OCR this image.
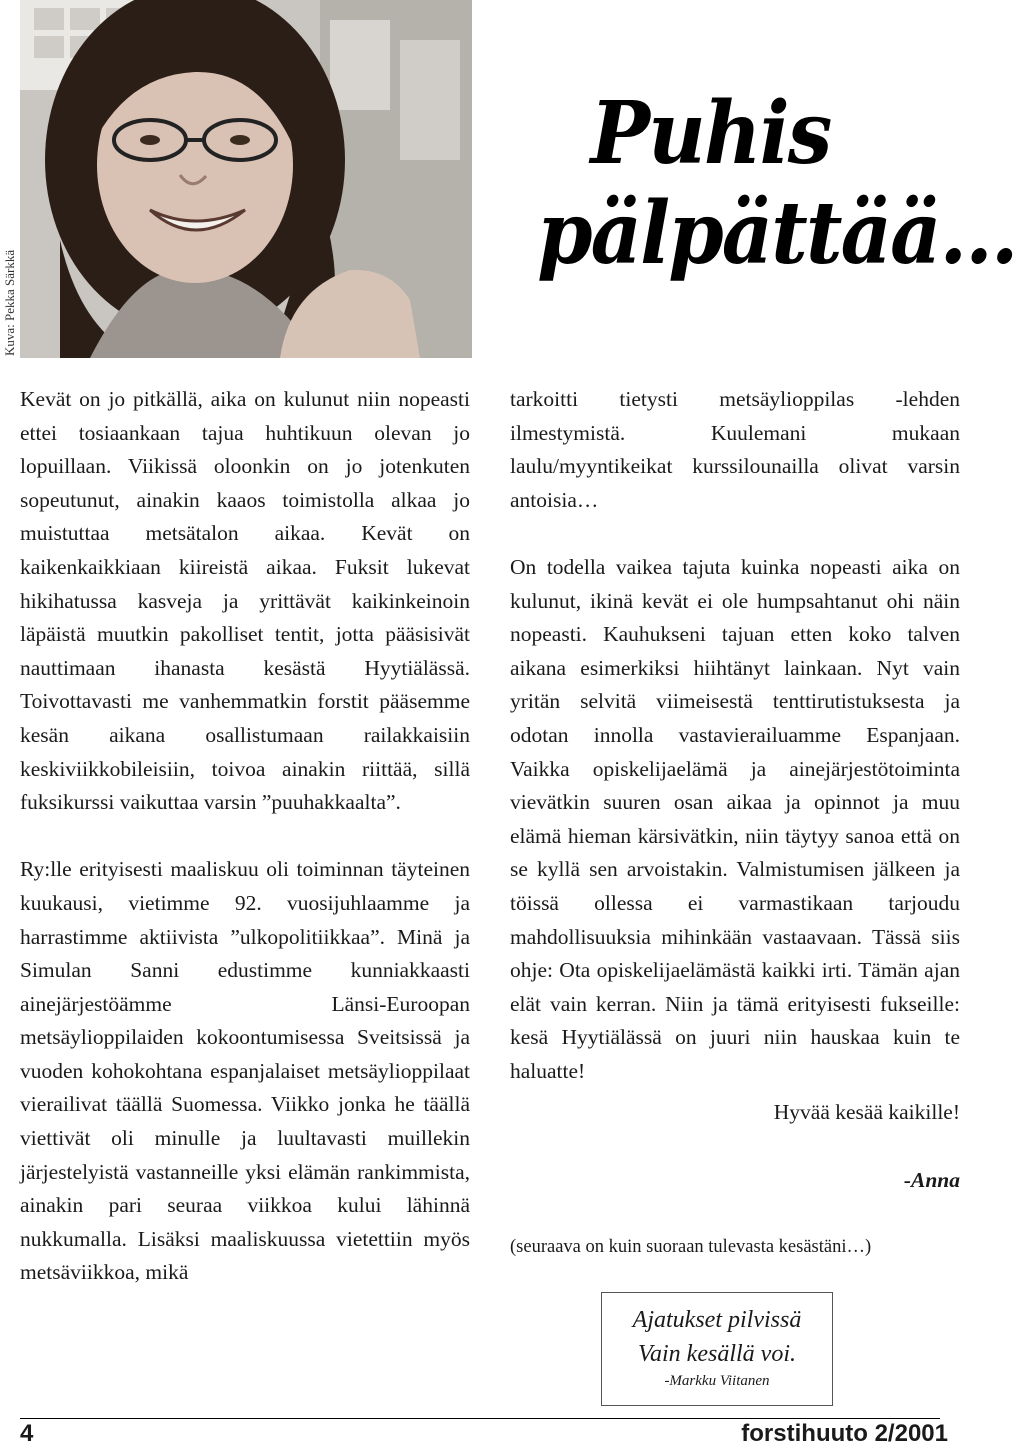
Kuva: Pekka Särkkä
Puhis
pälpättää...

Kevät on jo pitkällä, aika on kulunut niin nopeasti ettei tosiaankaan tajua huhtikuun olevan jo lopuillaan. Viikissä oloonkin on jo jotenkuten sopeutunut, ainakin kaaos toimistolla alkaa jo muistuttaa metsätalon aikaa. Kevät on kaikenkaikkiaan kiireistä aikaa. Fuksit lukevat hikihatussa kasveja ja yrittävät kaikinkeinoin läpäistä muutkin pakolliset tentit, jotta pääsisivät nauttimaan ihanasta kesästä Hyytiälässä. Toivottavasti me vanhemmatkin forstit pääsemme kesän aikana osallistumaan railakkaisiin keskiviikkobileisiin, toivoa ainakin riittää, sillä fuksikurssi vaikuttaa varsin ”puuhakkaalta”.

Ry:lle erityisesti maaliskuu oli toiminnan täyteinen kuukausi, vietimme 92. vuosijuhlaamme ja harrastimme aktiivista ”ulkopolitiikkaa”. Minä ja Simulan Sanni edustimme kunniakkaasti ainejärjestöämme Länsi-Euroopan metsäylioppilaiden kokoontumisessa Sveitsissä ja vuoden kohokohtana espanjalaiset metsäylioppilaat vierailivat täällä Suomessa. Viikko jonka he täällä viettivät oli minulle ja luultavasti muillekin järjestelyistä vastanneille yksi elämän rankimmista, ainakin pari seuraa viikkoa kului lähinnä nukkumalla. Lisäksi maaliskuussa vietettiin myös metsäviikkoa, mikä

tarkoitti tietysti metsäylioppilas -lehden ilmestymistä. Kuulemani mukaan laulu/myyntikeikat kurssilounailla olivat varsin antoisia…

On todella vaikea tajuta kuinka nopeasti aika on kulunut, ikinä kevät ei ole humpsahtanut ohi näin nopeasti. Kauhukseni tajuan etten koko talven aikana esimerkiksi hiihtänyt lainkaan. Nyt vain yritän selvitä viimeisestä tenttirutistuksesta ja odotan innolla vastavierailuamme Espanjaan. Vaikka opiskelijaelämä ja ainejärjestötoiminta vievätkin suuren osan aikaa ja opinnot ja muu elämä hieman kärsivätkin, niin täytyy sanoa että on se kyllä sen arvoistakin. Valmistumisen jälkeen ja töissä ollessa ei varmastikaan tarjoudu mahdollisuuksia mihinkään vastaavaan. Tässä siis ohje: Ota opiskelijaelämästä kaikki irti. Tämän ajan elät vain kerran. Niin ja tämä erityisesti fukseille: kesä Hyytiälässä on juuri niin hauskaa kuin te haluatte!

Hyvää kesää kaikille!

-Anna

(seuraava on kuin suoraan tulevasta kesästäni…)

Ajatukset pilvissä
Vain kesällä voi.
-Markku Viitanen
4	forstihuuto 2/2001
